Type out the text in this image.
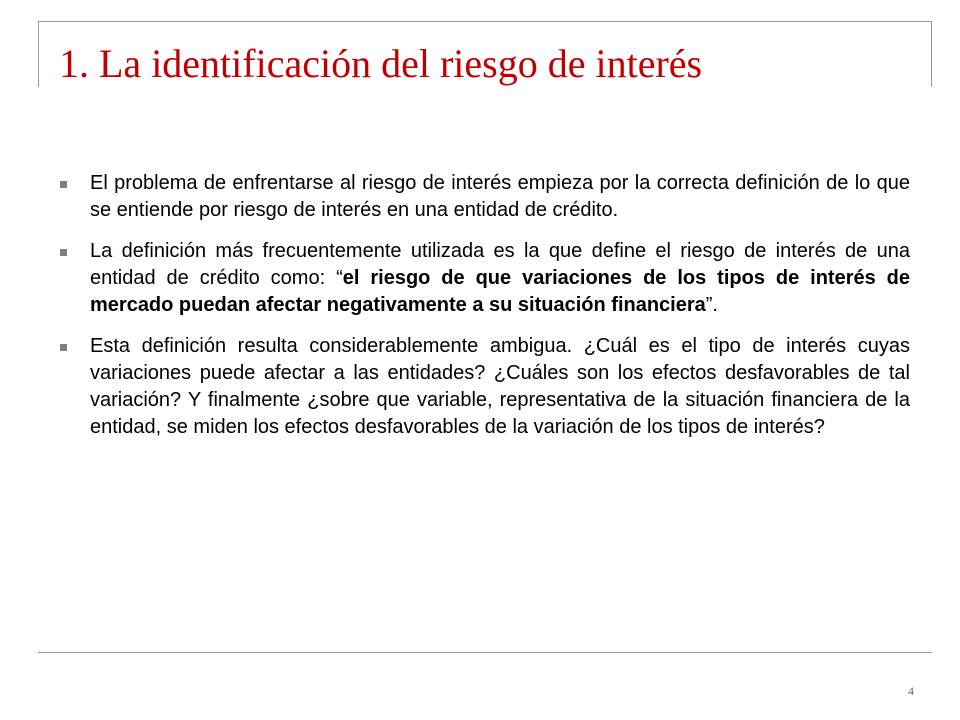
1. La identificación del riesgo de interés
El problema de enfrentarse al riesgo de interés empieza por la correcta definición de lo que se entiende por riesgo de interés en una entidad de crédito.
La definición más frecuentemente utilizada es la que define el riesgo de interés de una entidad de crédito como: “el riesgo de que variaciones de los tipos de interés de mercado puedan afectar negativamente a su situación financiera”.
Esta definición resulta considerablemente ambigua. ¿Cuál es el tipo de interés cuyas variaciones puede afectar a las entidades? ¿Cuáles son los efectos desfavorables de tal variación? Y finalmente ¿sobre que variable, representativa de la situación financiera de la entidad, se miden los efectos desfavorables de la variación de los tipos de interés?
4
